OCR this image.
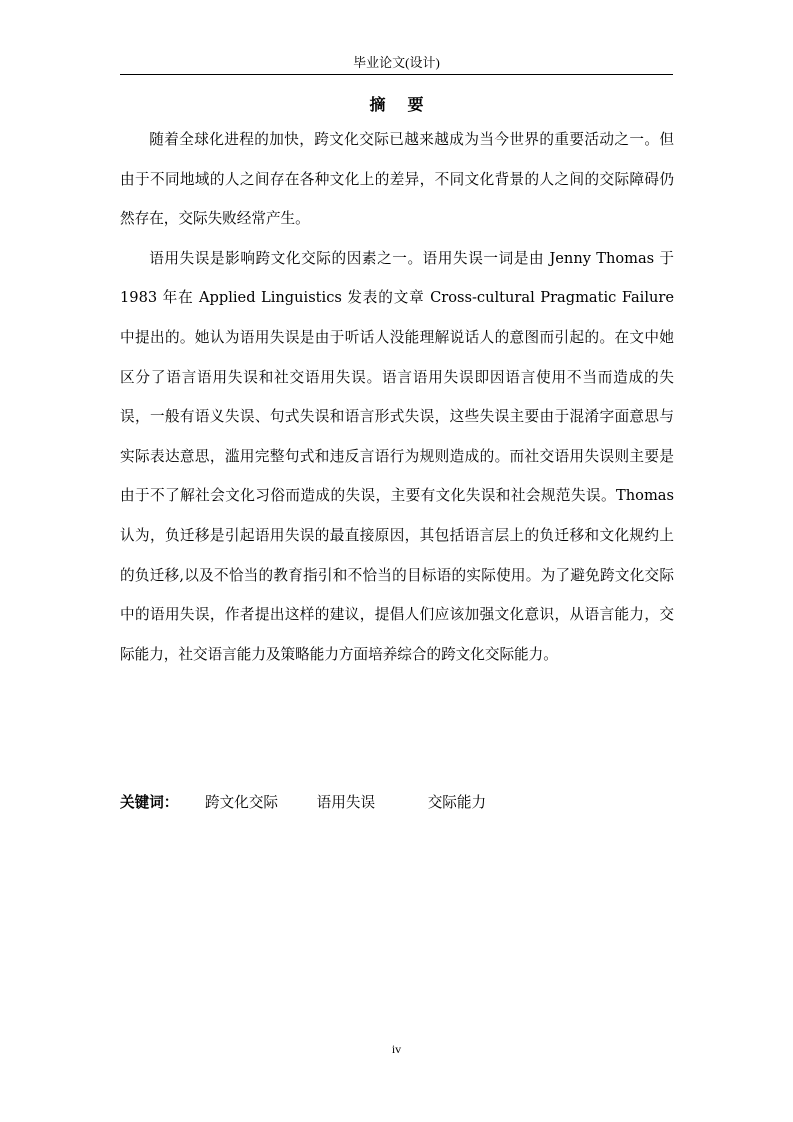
毕业论文(设计)
摘要

随着全球化进程的加快，跨文化交际已越来越成为当今世界的重要活动之一。但由于不同地域的人之间存在各种文化上的差异，不同文化背景的人之间的交际障碍仍然存在，交际失败经常产生。

语用失误是影响跨文化交际的因素之一。语用失误一词是由 Jenny Thomas 于 1983 年在 Applied Linguistics 发表的文章 Cross-cultural Pragmatic Failure 中提出的。她认为语用失误是由于听话人没能理解说话人的意图而引起的。在文中她区分了语言语用失误和社交语用失误。语言语用失误即因语言使用不当而造成的失误，一般有语义失误、句式失误和语言形式失误，这些失误主要由于混淆字面意思与实际表达意思，滥用完整句式和违反言语行为规则造成的。而社交语用失误则主要是由于不了解社会文化习俗而造成的失误，主要有文化失误和社会规范失误。Thomas 认为，负迁移是引起语用失误的最直接原因，其包括语言层上的负迁移和文化规约上的负迁移,以及不恰当的教育指引和不恰当的目标语的实际使用。为了避免跨文化交际中的语用失误，作者提出这样的建议，提倡人们应该加强文化意识，从语言能力，交际能力，社交语言能力及策略能力方面培养综合的跨文化交际能力。

关键词： 跨文化交际	语用失误	交际能力
iv
